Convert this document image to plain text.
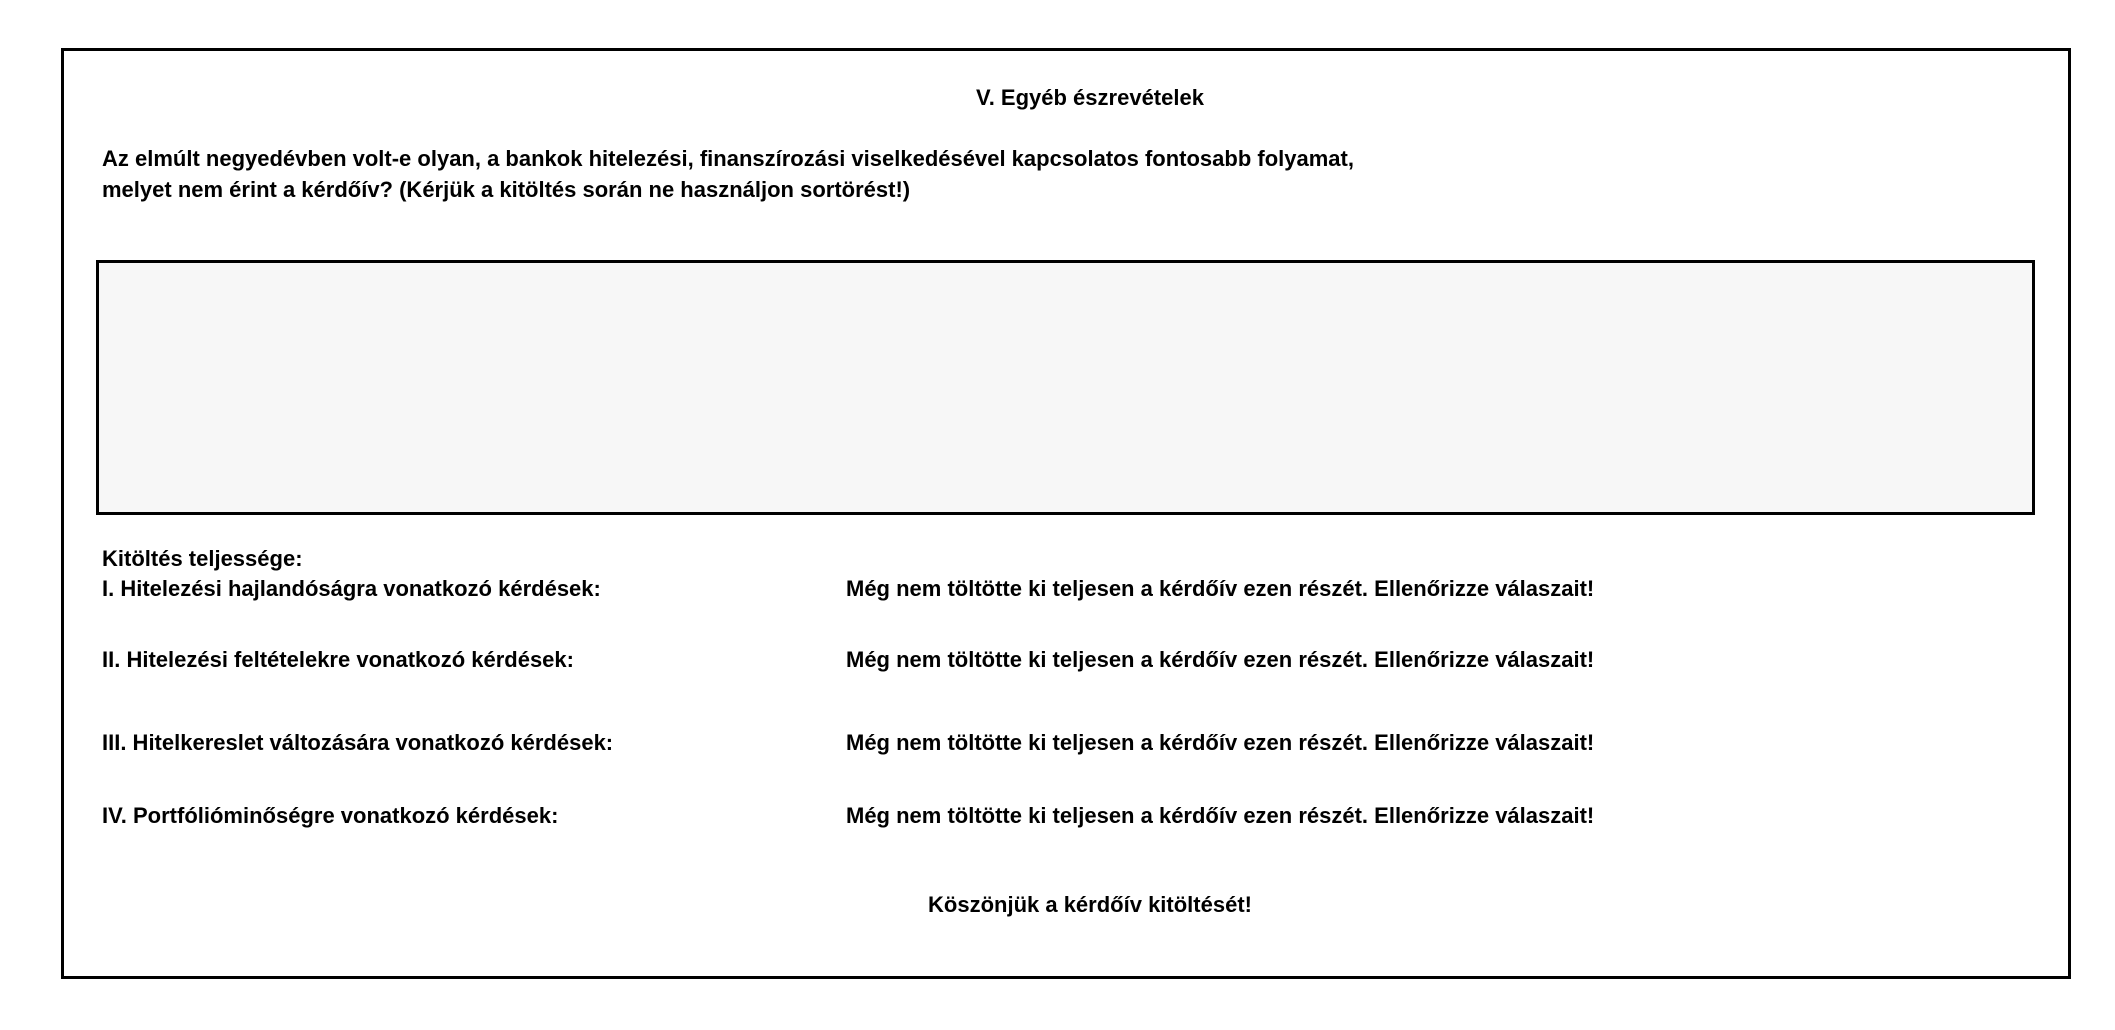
V. Egyéb észrevételek
Az elmúlt negyedévben volt-e olyan, a bankok hitelezési, finanszírozási viselkedésével kapcsolatos fontosabb folyamat,
melyet nem érint a kérdőív? (Kérjük a kitöltés során ne használjon sortörést!)
Kitöltés teljessége:
I. Hitelezési hajlandóságra vonatkozó kérdések:	Még nem töltötte ki teljesen a kérdőív ezen részét. Ellenőrizze válaszait!
II. Hitelezési feltételekre vonatkozó kérdések:	Még nem töltötte ki teljesen a kérdőív ezen részét. Ellenőrizze válaszait!
III. Hitelkereslet változására vonatkozó kérdések:	Még nem töltötte ki teljesen a kérdőív ezen részét. Ellenőrizze válaszait!
IV. Portfólióminőségre vonatkozó kérdések:	Még nem töltötte ki teljesen a kérdőív ezen részét. Ellenőrizze válaszait!
Köszönjük a kérdőív kitöltését!
